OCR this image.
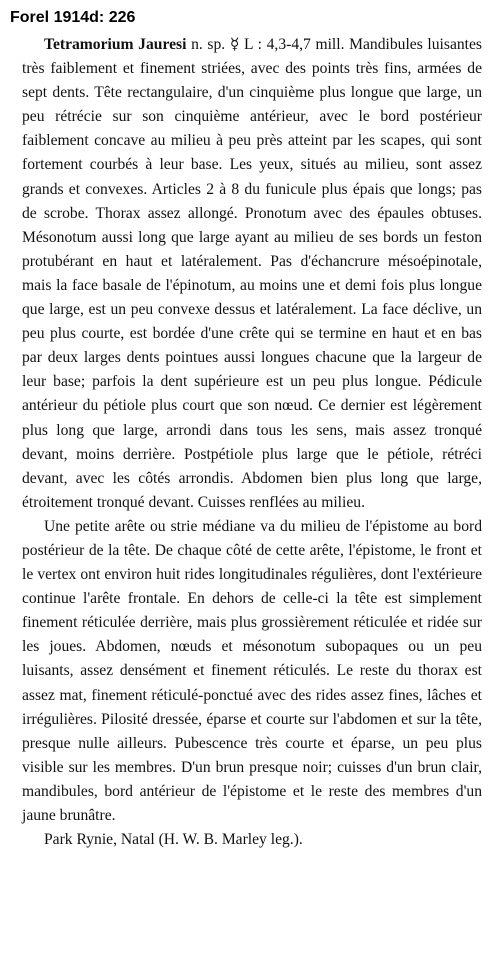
Forel 1914d: 226

Tetramorium Jauresi n. sp. ☿ L : 4,3-4,7 mill. Mandibules luisantes très faiblement et finement striées, avec des points très fins, armées de sept dents. Tête rectangulaire, d'un cinquième plus longue que large, un peu rétrécie sur son cinquième antérieur, avec le bord postérieur faiblement concave au milieu à peu près atteint par les scapes, qui sont fortement courbés à leur base. Les yeux, situés au milieu, sont assez grands et convexes. Articles 2 à 8 du funicule plus épais que longs; pas de scrobe. Thorax assez allongé. Pronotum avec des épaules obtuses. Mésonotum aussi long que large ayant au milieu de ses bords un feston protubérant en haut et latéralement. Pas d'échancrure mésoépinotale, mais la face basale de l'épinotum, au moins une et demi fois plus longue que large, est un peu convexe dessus et latéralement. La face déclive, un peu plus courte, est bordée d'une crête qui se termine en haut et en bas par deux larges dents pointues aussi longues chacune que la largeur de leur base; parfois la dent supérieure est un peu plus longue. Pédicule antérieur du pétiole plus court que son nœud. Ce dernier est légèrement plus long que large, arrondi dans tous les sens, mais assez tronqué devant, moins derrière. Postpétiole plus large que le pétiole, rétréci devant, avec les côtés arrondis. Abdomen bien plus long que large, étroitement tronqué devant. Cuisses renflées au milieu.

Une petite arête ou strie médiane va du milieu de l'épistome au bord postérieur de la tête. De chaque côté de cette arête, l'épistome, le front et le vertex ont environ huit rides longitudinales régulières, dont l'extérieure continue l'arête frontale. En dehors de celle-ci la tête est simplement finement réticulée derrière, mais plus grossièrement réticulée et ridée sur les joues. Abdomen, nœuds et mésonotum subopaques ou un peu luisants, assez densément et finement réticulés. Le reste du thorax est assez mat, finement réticulé-ponctué avec des rides assez fines, lâches et irrégulières. Pilosité dressée, éparse et courte sur l'abdomen et sur la tête, presque nulle ailleurs. Pubescence très courte et éparse, un peu plus visible sur les membres. D'un brun presque noir; cuisses d'un brun clair, mandibules, bord antérieur de l'épistome et le reste des membres d'un jaune brunâtre.

Park Rynie, Natal (H. W. B. Marley leg.).
